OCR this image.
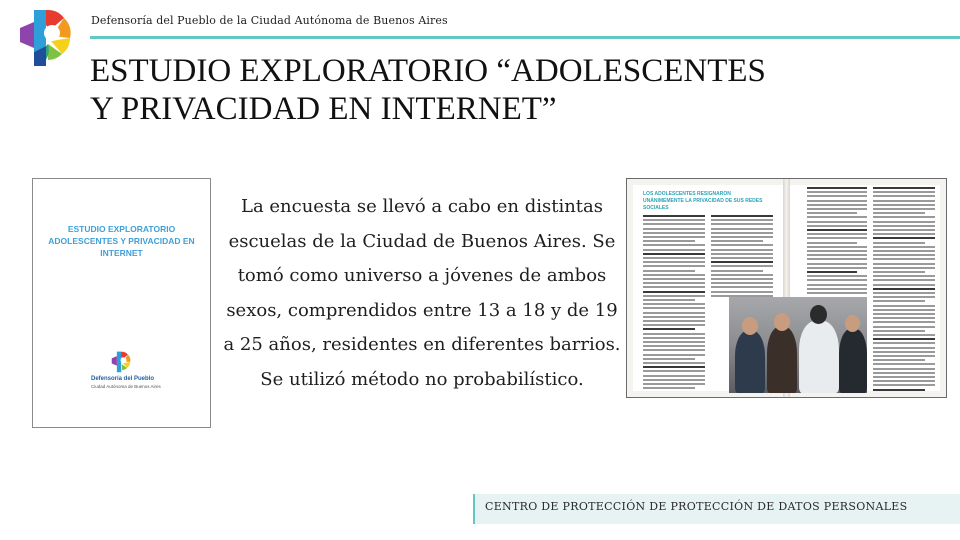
Defensoría del Pueblo de la Ciudad Autónoma de Buenos Aires
ESTUDIO EXPLORATORIO “ADOLESCENTES Y PRIVACIDAD EN INTERNET”
ESTUDIO EXPLORATORIO ADOLESCENTES Y PRIVACIDAD EN INTERNET
Defensoría del Pueblo
Ciudad Autónoma de Buenos Aires
La encuesta se llevó a cabo en distintas escuelas de la Ciudad de Buenos Aires. Se tomó como universo a jóvenes de ambos sexos, comprendidos entre 13 a 18 y de 19 a 25 años, residentes en diferentes barrios. Se utilizó método no probabilístico.
LOS ADOLESCENTES RESIGNARON UNÁNIMEMENTE LA PRIVACIDAD DE SUS REDES SOCIALES
CENTRO DE PROTECCIÓN DE PROTECCIÓN DE DATOS PERSONALES
